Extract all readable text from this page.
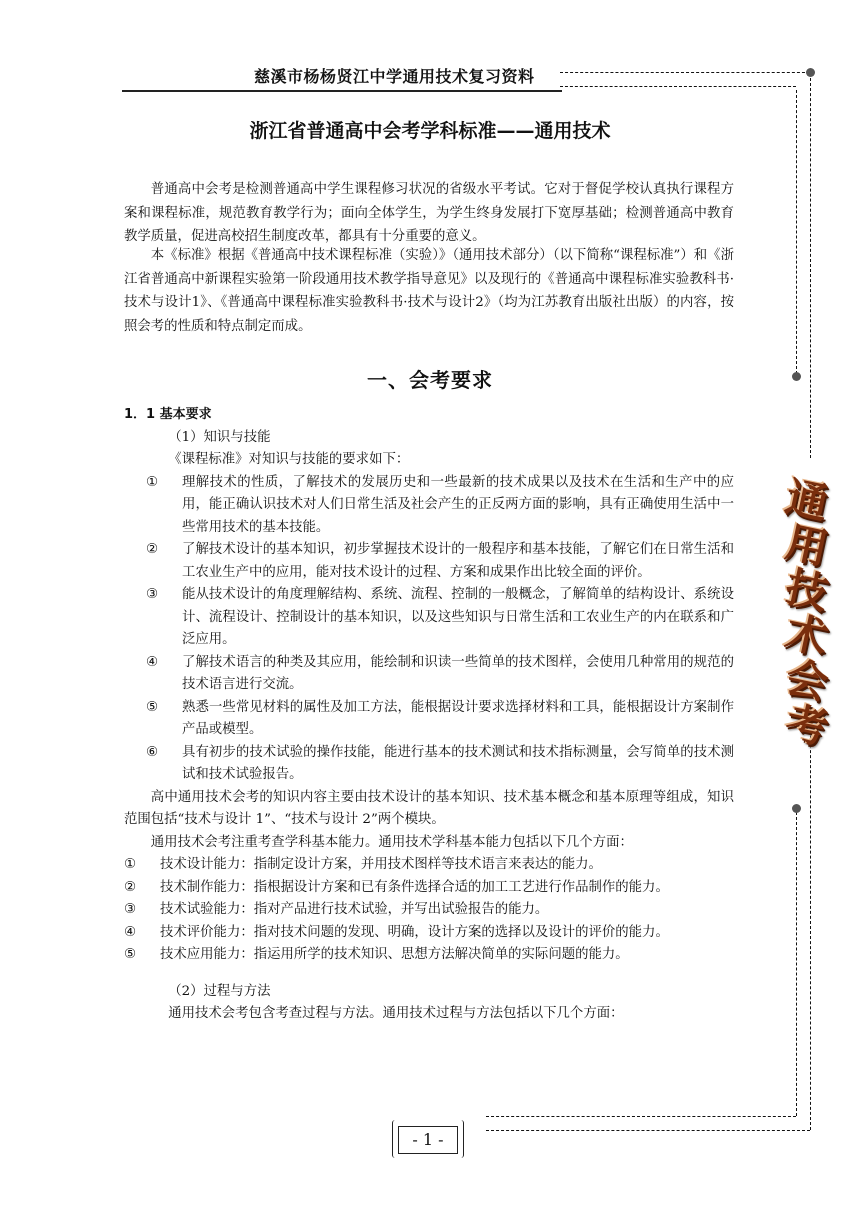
慈溪市杨杨贤江中学通用技术复习资料
浙江省普通高中会考学科标准——通用技术

普通高中会考是检测普通高中学生课程修习状况的省级水平考试。它对于督促学校认真执行课程方案和课程标准，规范教育教学行为；面向全体学生，为学生终身发展打下宽厚基础；检测普通高中教育教学质量，促进高校招生制度改革，都具有十分重要的意义。

本《标准》根据《普通高中技术课程标准（实验）》（通用技术部分）（以下简称“课程标准”）和《浙江省普通高中新课程实验第一阶段通用技术教学指导意见》以及现行的《普通高中课程标准实验教科书·技术与设计1》、《普通高中课程标准实验教科书·技术与设计2》（均为江苏教育出版社出版）的内容，按照会考的性质和特点制定而成。

一、会考要求
1．1 基本要求
（1）知识与技能
《课程标准》对知识与技能的要求如下：
①	理解技术的性质，了解技术的发展历史和一些最新的技术成果以及技术在生活和生产中的应用，能正确认识技术对人们日常生活及社会产生的正反两方面的影响，具有正确使用生活中一些常用技术的基本技能。
②	了解技术设计的基本知识，初步掌握技术设计的一般程序和基本技能，了解它们在日常生活和工农业生产中的应用，能对技术设计的过程、方案和成果作出比较全面的评价。
③	能从技术设计的角度理解结构、系统、流程、控制的一般概念，了解简单的结构设计、系统设计、流程设计、控制设计的基本知识，以及这些知识与日常生活和工农业生产的内在联系和广泛应用。
④	了解技术语言的种类及其应用，能绘制和识读一些简单的技术图样，会使用几种常用的规范的技术语言进行交流。
⑤	熟悉一些常见材料的属性及加工方法，能根据设计要求选择材料和工具，能根据设计方案制作产品或模型。
⑥	具有初步的技术试验的操作技能，能进行基本的技术测试和技术指标测量，会写简单的技术测试和技术试验报告。
高中通用技术会考的知识内容主要由技术设计的基本知识、技术基本概念和基本原理等组成，知识范围包括“技术与设计 1”、“技术与设计 2”两个模块。
通用技术会考注重考查学科基本能力。通用技术学科基本能力包括以下几个方面：
①	技术设计能力：指制定设计方案，并用技术图样等技术语言来表达的能力。
②	技术制作能力：指根据设计方案和已有条件选择合适的加工工艺进行作品制作的能力。
③	技术试验能力：指对产品进行技术试验，并写出试验报告的能力。
④	技术评价能力：指对技术问题的发现、明确，设计方案的选择以及设计的评价的能力。
⑤	技术应用能力：指运用所学的技术知识、思想方法解决简单的实际问题的能力。
（2）过程与方法
通用技术会考包含考查过程与方法。通用技术过程与方法包括以下几个方面：
通
用
技
术
会
考
- 1 -
